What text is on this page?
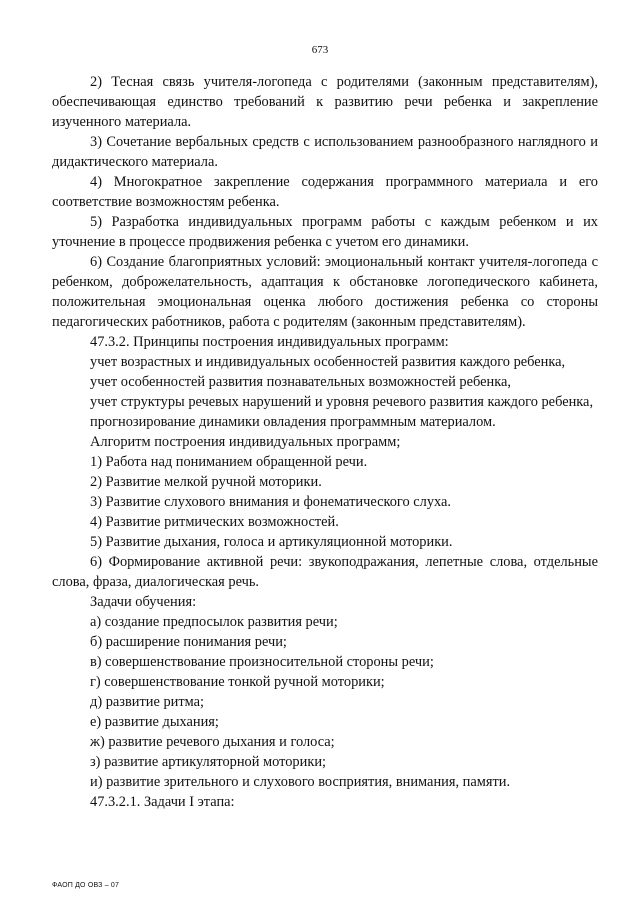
673

2) Тесная связь учителя-логопеда с родителями (законным представителям), обеспечивающая единство требований к развитию речи ребенка и закрепление изученного материала.

3) Сочетание вербальных средств с использованием разнообразного наглядного и дидактического материала.

4) Многократное закрепление содержания программного материала и его соответствие возможностям ребенка.

5) Разработка индивидуальных программ работы с каждым ребенком и их уточнение в процессе продвижения ребенка с учетом его динамики.

6) Создание благоприятных условий: эмоциональный контакт учителя-логопеда с ребенком, доброжелательность, адаптация к обстановке логопедического кабинета, положительная эмоциональная оценка любого достижения ребенка со стороны педагогических работников, работа с родителям (законным представителям).

47.3.2. Принципы построения индивидуальных программ:

учет возрастных и индивидуальных особенностей развития каждого ребенка,

учет особенностей развития познавательных возможностей ребенка,

учет структуры речевых нарушений и уровня речевого развития каждого ребенка,

прогнозирование динамики овладения программным материалом.

Алгоритм построения индивидуальных программ;

1) Работа над пониманием обращенной речи.

2) Развитие мелкой ручной моторики.

3) Развитие слухового внимания и фонематического слуха.

4) Развитие ритмических возможностей.

5) Развитие дыхания, голоса и артикуляционной моторики.

6) Формирование активной речи: звукоподражания, лепетные слова, отдельные слова, фраза, диалогическая речь.

Задачи обучения:

а) создание предпосылок развития речи;

б) расширение понимания речи;

в) совершенствование произносительной стороны речи;

г) совершенствование тонкой ручной моторики;

д) развитие ритма;

е) развитие дыхания;

ж) развитие речевого дыхания и голоса;

з) развитие артикуляторной моторики;

и) развитие зрительного и слухового восприятия, внимания, памяти.

47.3.2.1. Задачи I этапа:

ФАОП ДО ОВЗ – 07
